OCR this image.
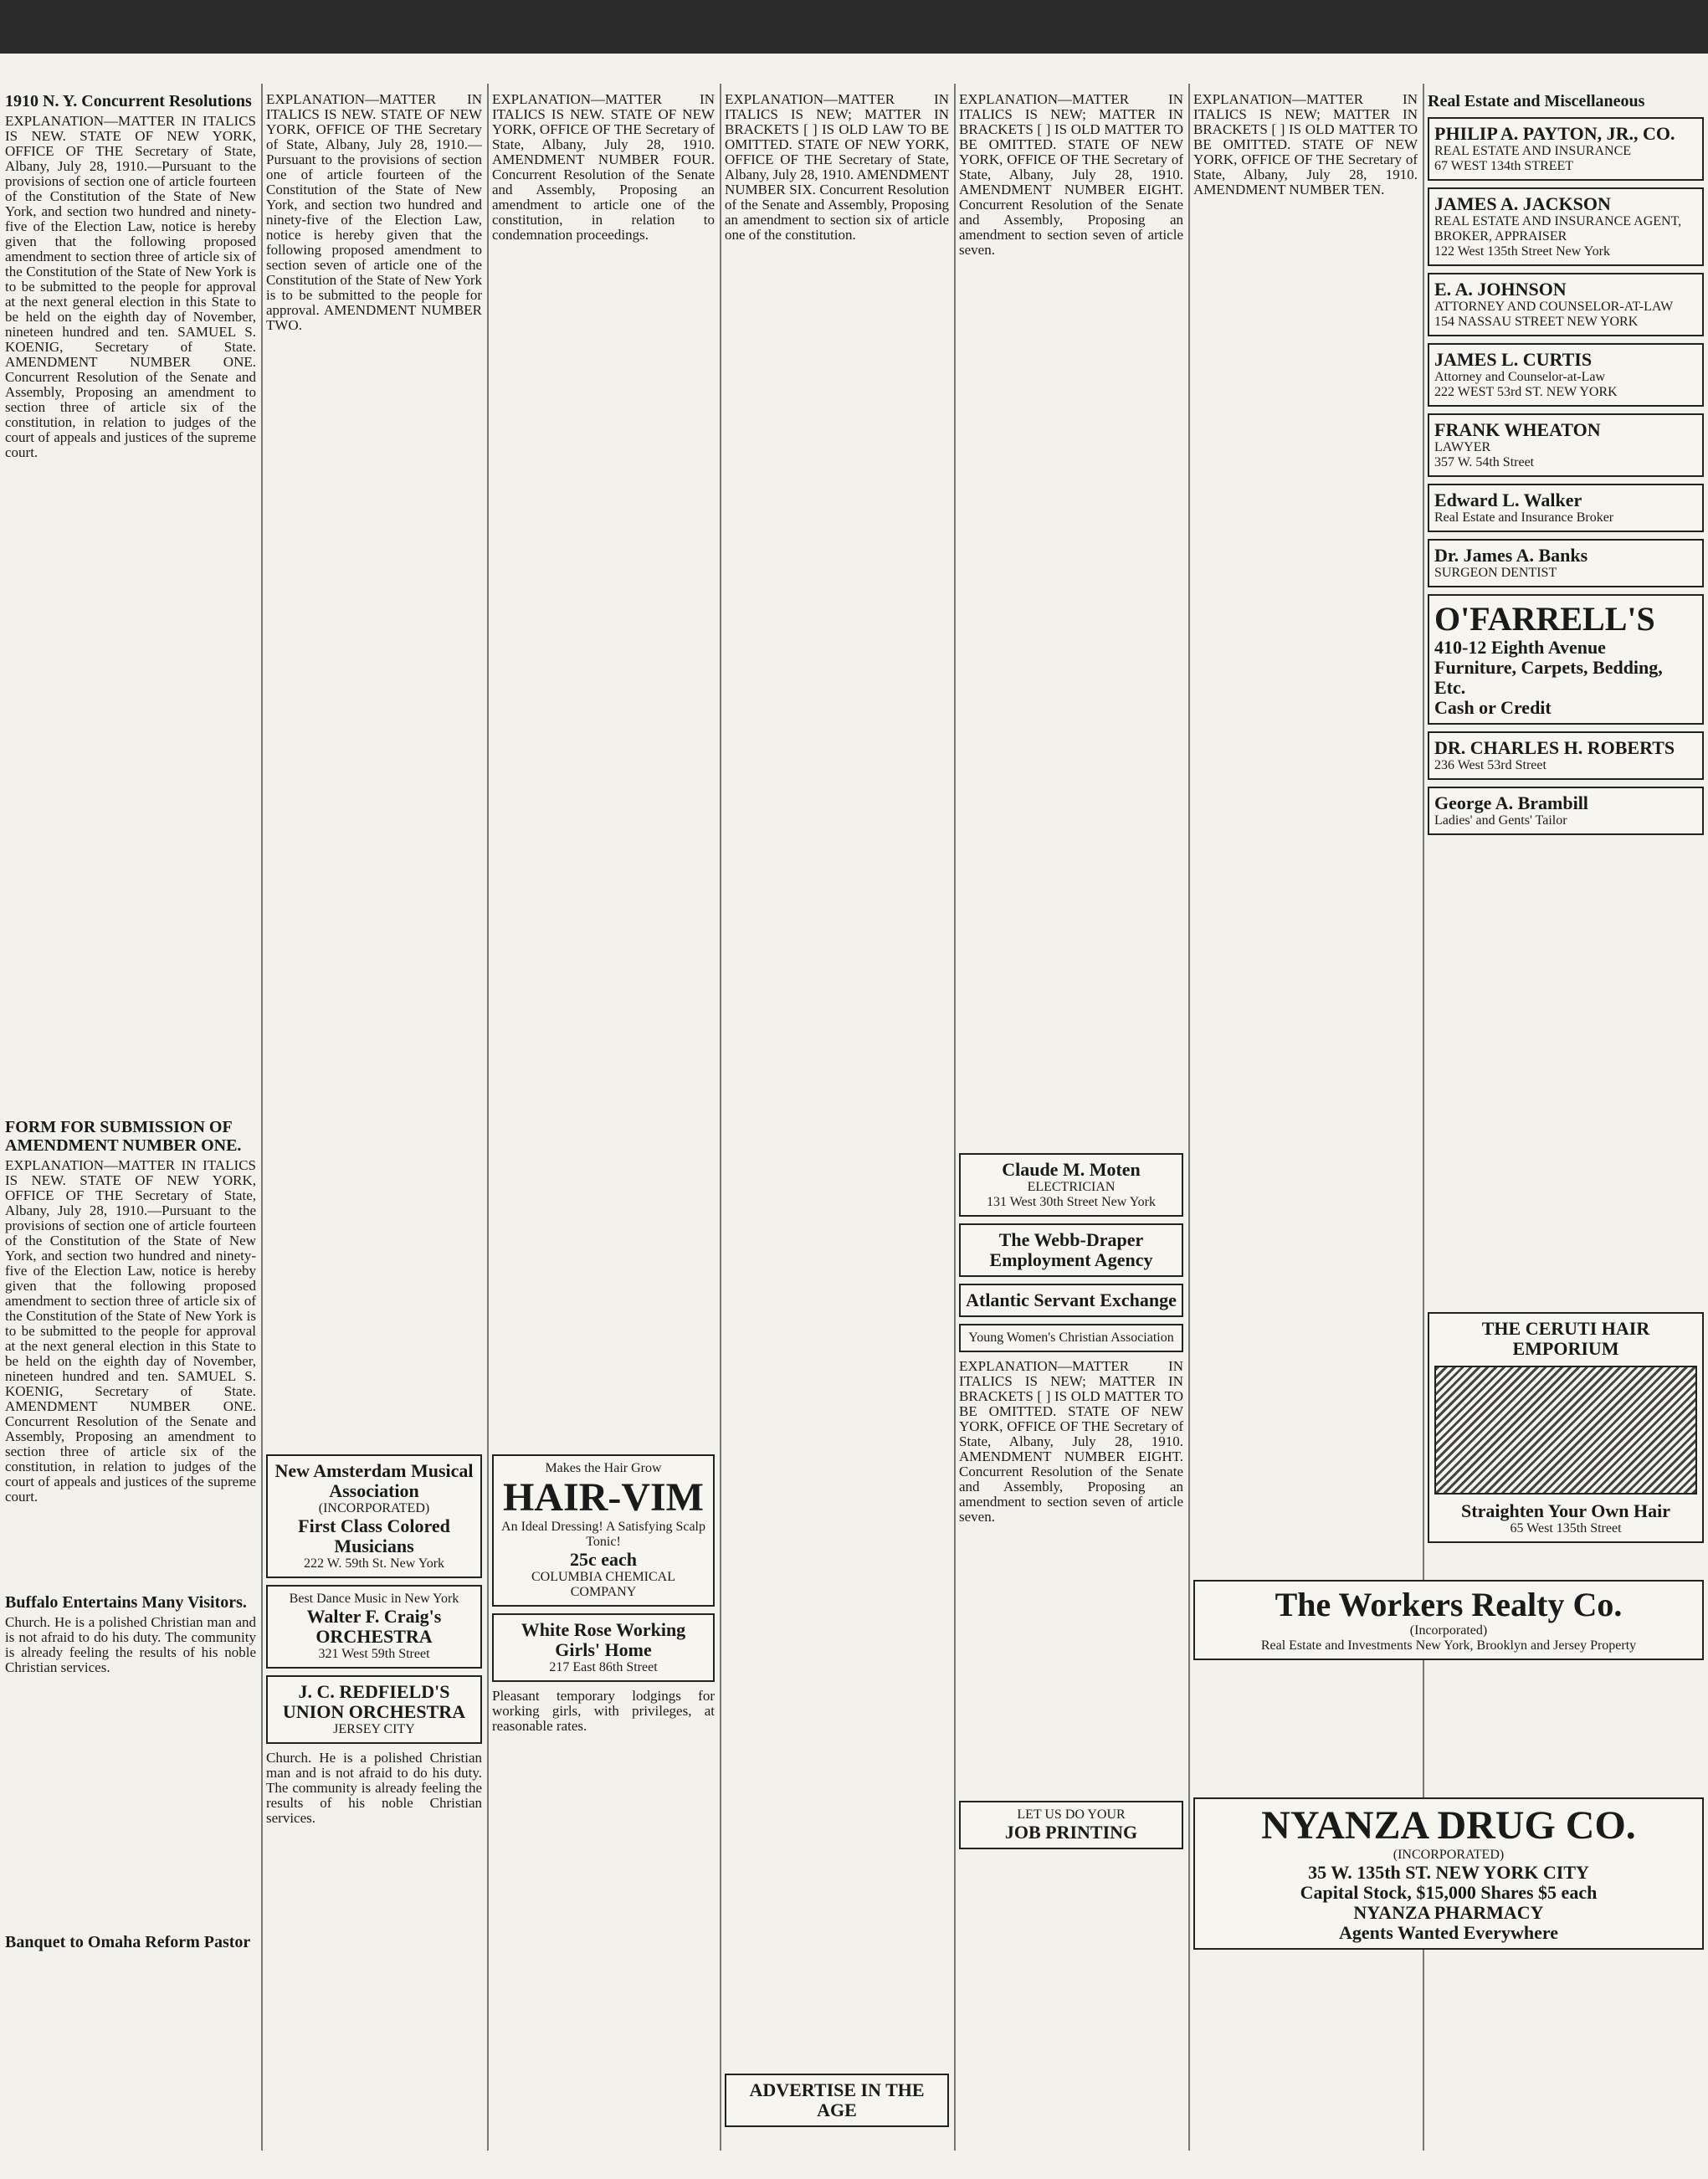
1910 N. Y. Concurrent Resolutions
EXPLANATION—MATTER IN ITALICS IS NEW. STATE OF NEW YORK, OFFICE OF THE Secretary of State, Albany, July 28, 1910.—Pursuant to the provisions of section one of article fourteen of the Constitution of the State of New York, and section two hundred and ninety-five of the Election Law, notice is hereby given that the following proposed amendment to section three of article six of the Constitution of the State of New York is to be submitted to the people for approval at the next general election in this State to be held on the eighth day of November, nineteen hundred and ten. SAMUEL S. KOENIG, Secretary of State. AMENDMENT NUMBER ONE. Concurrent Resolution of the Senate and Assembly, Proposing an amendment to section three of article six of the constitution, in relation to judges of the court of appeals and justices of the supreme court.
FORM FOR SUBMISSION OF AMENDMENT NUMBER ONE.
EXPLANATION—MATTER IN ITALICS IS NEW. STATE OF NEW YORK, OFFICE OF THE Secretary of State, Albany, July 28, 1910.—Pursuant to the provisions of section one of article fourteen of the Constitution of the State of New York, and section two hundred and ninety-five of the Election Law, notice is hereby given that the following proposed amendment to section three of article six of the Constitution of the State of New York is to be submitted to the people for approval at the next general election in this State to be held on the eighth day of November, nineteen hundred and ten. SAMUEL S. KOENIG, Secretary of State. AMENDMENT NUMBER ONE. Concurrent Resolution of the Senate and Assembly, Proposing an amendment to section three of article six of the constitution, in relation to judges of the court of appeals and justices of the supreme court.
Buffalo Entertains Many Visitors.
Church. He is a polished Christian man and is not afraid to do his duty. The community is already feeling the results of his noble Christian services.
Banquet to Omaha Reform Pastor
EXPLANATION—MATTER IN ITALICS IS NEW. STATE OF NEW YORK, OFFICE OF THE Secretary of State, Albany, July 28, 1910.—Pursuant to the provisions of section one of article fourteen of the Constitution of the State of New York, and section two hundred and ninety-five of the Election Law, notice is hereby given that the following proposed amendment to section seven of article one of the Constitution of the State of New York is to be submitted to the people for approval. AMENDMENT NUMBER TWO.
New Amsterdam Musical Association
(INCORPORATED)
First Class Colored Musicians
222 W. 59th St. New York
Best Dance Music in New York
Walter F. Craig's ORCHESTRA
321 West 59th Street
J. C. REDFIELD'S UNION ORCHESTRA
JERSEY CITY
Church. He is a polished Christian man and is not afraid to do his duty. The community is already feeling the results of his noble Christian services.
EXPLANATION—MATTER IN ITALICS IS NEW. STATE OF NEW YORK, OFFICE OF THE Secretary of State, Albany, July 28, 1910. AMENDMENT NUMBER FOUR. Concurrent Resolution of the Senate and Assembly, Proposing an amendment to article one of the constitution, in relation to condemnation proceedings.
Makes the Hair Grow
HAIR-VIM
An Ideal Dressing! A Satisfying Scalp Tonic!
25c each
COLUMBIA CHEMICAL COMPANY
White Rose Working Girls' Home
217 East 86th Street
Pleasant temporary lodgings for working girls, with privileges, at reasonable rates.
EXPLANATION—MATTER IN ITALICS IS NEW; MATTER IN BRACKETS [ ] IS OLD LAW TO BE OMITTED. STATE OF NEW YORK, OFFICE OF THE Secretary of State, Albany, July 28, 1910. AMENDMENT NUMBER SIX. Concurrent Resolution of the Senate and Assembly, Proposing an amendment to section six of article one of the constitution.
ADVERTISE IN THE AGE
EXPLANATION—MATTER IN ITALICS IS NEW; MATTER IN BRACKETS [ ] IS OLD MATTER TO BE OMITTED. STATE OF NEW YORK, OFFICE OF THE Secretary of State, Albany, July 28, 1910. AMENDMENT NUMBER EIGHT. Concurrent Resolution of the Senate and Assembly, Proposing an amendment to section seven of article seven.
Claude M. Moten
ELECTRICIAN
131 West 30th Street New York
The Webb-Draper Employment Agency
Atlantic Servant Exchange
Young Women's Christian Association
EXPLANATION—MATTER IN ITALICS IS NEW; MATTER IN BRACKETS [ ] IS OLD MATTER TO BE OMITTED. STATE OF NEW YORK, OFFICE OF THE Secretary of State, Albany, July 28, 1910. AMENDMENT NUMBER EIGHT. Concurrent Resolution of the Senate and Assembly, Proposing an amendment to section seven of article seven.
LET US DO YOUR
JOB PRINTING
EXPLANATION—MATTER IN ITALICS IS NEW; MATTER IN BRACKETS [ ] IS OLD MATTER TO BE OMITTED. STATE OF NEW YORK, OFFICE OF THE Secretary of State, Albany, July 28, 1910. AMENDMENT NUMBER TEN.
Real Estate and Miscellaneous
PHILIP A. PAYTON, JR., CO.
REAL ESTATE AND INSURANCE
67 WEST 134th STREET
JAMES A. JACKSON
REAL ESTATE AND INSURANCE AGENT, BROKER, APPRAISER
122 West 135th Street New York
E. A. JOHNSON
ATTORNEY AND COUNSELOR-AT-LAW
154 NASSAU STREET NEW YORK
JAMES L. CURTIS
Attorney and Counselor-at-Law
222 WEST 53rd ST. NEW YORK
FRANK WHEATON
LAWYER
357 W. 54th Street
Edward L. Walker
Real Estate and Insurance Broker
Dr. James A. Banks
SURGEON DENTIST
O'FARRELL'S
410-12 Eighth Avenue
Furniture, Carpets, Bedding, Etc.
Cash or Credit
DR. CHARLES H. ROBERTS
236 West 53rd Street
George A. Brambill
Ladies' and Gents' Tailor
THE CERUTI HAIR EMPORIUM
Straighten Your Own Hair
65 West 135th Street
The Workers Realty Co.
(Incorporated)
Real Estate and Investments New York, Brooklyn and Jersey Property
NYANZA DRUG CO.
(INCORPORATED)
35 W. 135th ST. NEW YORK CITY
Capital Stock, $15,000 Shares $5 each
NYANZA PHARMACY
Agents Wanted Everywhere
